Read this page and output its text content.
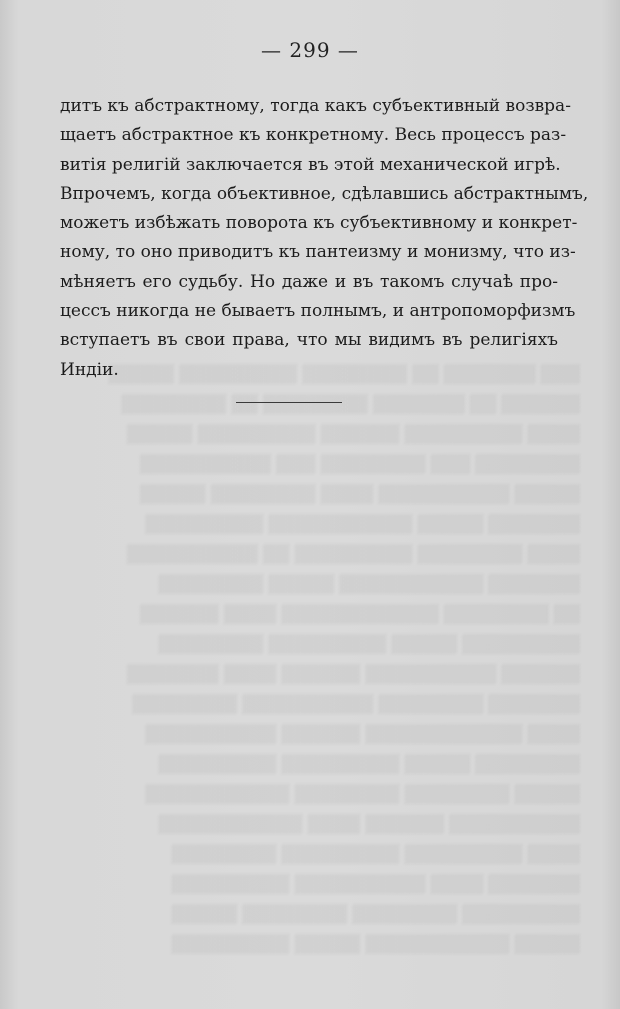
▒▒▒ ▒▒▒▒▒▒▒ ▒▒ ▒▒▒▒▒▒▒▒ ▒▒▒▒▒▒▒▒▒ ▒▒▒▒▒
▒▒▒▒▒▒ ▒▒ ▒▒▒▒▒▒▒ ▒▒▒▒▒▒▒▒ ▒▒ ▒▒▒▒▒▒▒▒
▒▒▒▒ ▒▒▒▒▒▒▒▒▒ ▒▒▒▒▒▒ ▒▒▒▒▒▒▒▒▒ ▒▒▒▒▒
▒▒▒▒▒▒▒▒ ▒▒▒ ▒▒▒▒▒▒▒▒ ▒▒▒ ▒▒▒▒▒▒▒▒▒▒
▒▒▒▒▒ ▒▒▒▒▒▒▒▒▒▒ ▒▒▒▒ ▒▒▒▒▒▒▒▒ ▒▒▒▒▒
▒▒▒▒▒▒▒ ▒▒▒▒▒ ▒▒▒▒▒▒▒▒▒▒▒ ▒▒▒▒▒▒▒▒▒
▒▒▒▒ ▒▒▒▒▒▒▒▒ ▒▒▒▒▒▒▒▒▒ ▒▒ ▒▒▒▒▒▒▒▒▒▒
▒▒▒▒▒▒▒ ▒▒▒▒▒▒▒▒▒▒▒ ▒▒▒▒▒ ▒▒▒▒▒▒▒▒
▒▒ ▒▒▒▒▒▒▒▒ ▒▒▒▒▒▒▒▒▒▒▒▒ ▒▒▒▒ ▒▒▒▒▒▒
▒▒▒▒▒▒▒▒▒ ▒▒▒▒▒ ▒▒▒▒▒▒▒▒▒ ▒▒▒▒▒▒▒▒
▒▒▒▒▒▒ ▒▒▒▒▒▒▒▒▒▒ ▒▒▒▒▒▒ ▒▒▒▒ ▒▒▒▒▒▒▒
▒▒▒▒▒▒▒ ▒▒▒▒▒▒▒▒ ▒▒▒▒▒▒▒▒▒▒ ▒▒▒▒▒▒▒▒
▒▒▒▒ ▒▒▒▒▒▒▒▒▒▒▒▒ ▒▒▒▒▒▒ ▒▒▒▒▒▒▒▒▒▒
▒▒▒▒▒▒▒▒ ▒▒▒▒▒ ▒▒▒▒▒▒▒▒▒ ▒▒▒▒▒▒▒▒▒
▒▒▒▒▒ ▒▒▒▒▒▒▒▒ ▒▒▒▒▒▒▒▒ ▒▒▒▒▒▒▒▒▒▒▒
▒▒▒▒▒▒▒▒▒▒ ▒▒▒▒▒▒ ▒▒▒▒ ▒▒▒▒▒▒▒▒▒▒▒
▒▒▒▒ ▒▒▒▒▒▒▒▒▒ ▒▒▒▒▒▒▒▒▒ ▒▒▒▒▒▒▒▒
▒▒▒▒▒▒▒ ▒▒▒▒ ▒▒▒▒▒▒▒▒▒▒ ▒▒▒▒▒▒▒▒▒
▒▒▒▒▒▒▒▒▒ ▒▒▒▒▒▒▒▒ ▒▒▒▒▒▒▒▒ ▒▒▒▒▒
▒▒▒▒▒ ▒▒▒▒▒▒▒▒▒▒▒ ▒▒▒▒▒ ▒▒▒▒▒▒▒▒▒
— 299 —
дитъ къ абстрактному, тогда какъ субъективный возвра-
щаетъ абстрактное къ конкретному. Весь процессъ раз-
витія религій заключается въ этой механической игрѣ.
Впрочемъ, когда объективное, сдѣлавшись абстрактнымъ,
можетъ избѣжать поворота къ субъективному и конкрет-
ному, то оно приводитъ къ пантеизму и монизму, что из-
мѣняетъ его судьбу. Но даже и въ такомъ случаѣ про-
цессъ никогда не бываетъ полнымъ, и антропоморфизмъ
вступаетъ въ свои права, что мы видимъ въ религіяхъ
Индіи.
